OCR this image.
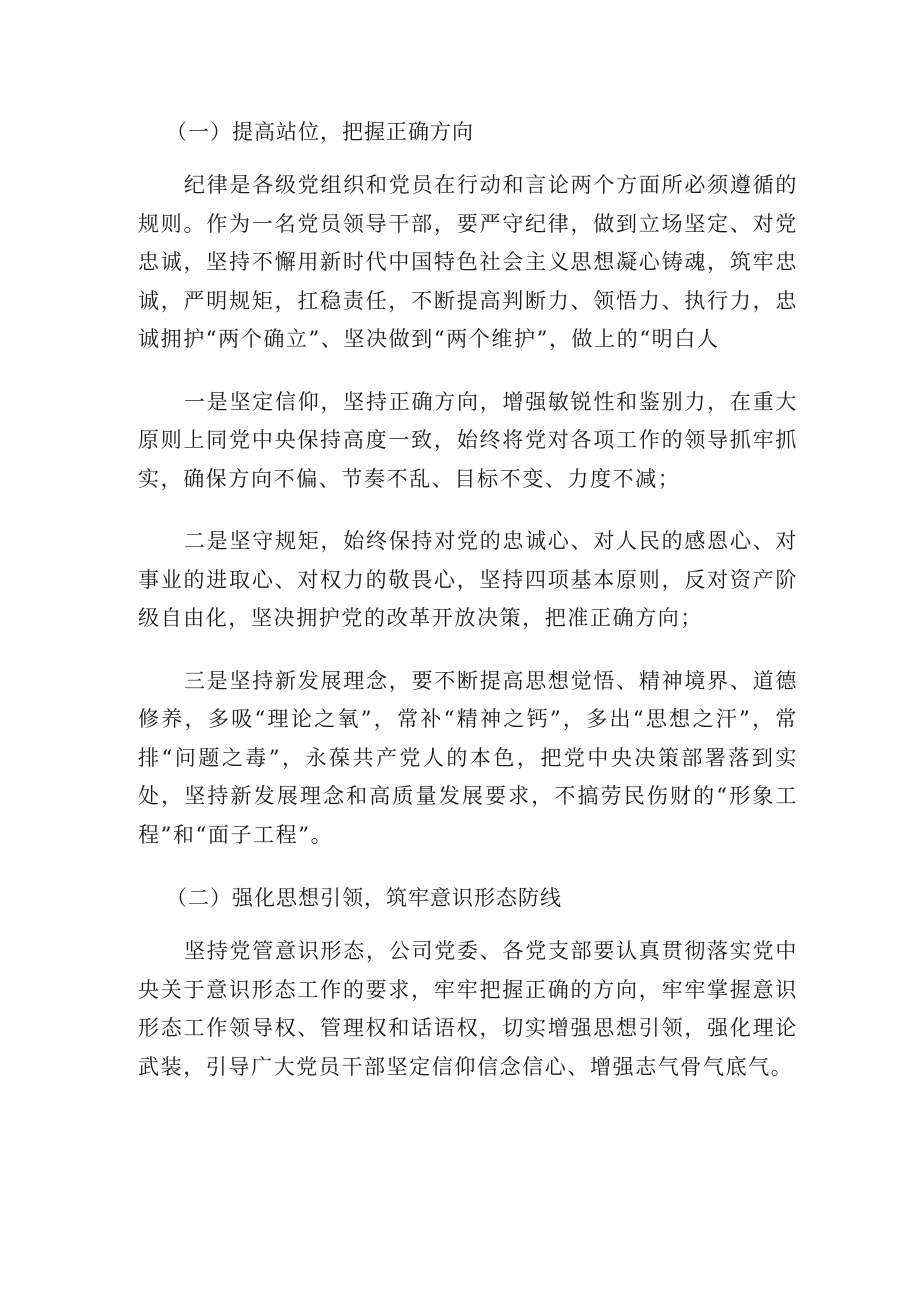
（一）提高站位，把握正确方向

纪律是各级党组织和党员在行动和言论两个方面所必须遵循的规则。作为一名党员领导干部，要严守纪律，做到立场坚定、对党忠诚，坚持不懈用新时代中国特色社会主义思想凝心铸魂，筑牢忠诚，严明规矩，扛稳责任，不断提高判断力、领悟力、执行力，忠诚拥护“两个确立”、坚决做到“两个维护”，做上的“明白人

一是坚定信仰，坚持正确方向，增强敏锐性和鉴别力，在重大原则上同党中央保持高度一致，始终将党对各项工作的领导抓牢抓实，确保方向不偏、节奏不乱、目标不变、力度不减；

二是坚守规矩，始终保持对党的忠诚心、对人民的感恩心、对事业的进取心、对权力的敬畏心，坚持四项基本原则，反对资产阶级自由化，坚决拥护党的改革开放决策，把准正确方向；

三是坚持新发展理念，要不断提高思想觉悟、精神境界、道德修养，多吸“理论之氧”，常补“精神之钙”，多出“思想之汗”，常排“问题之毒”，永葆共产党人的本色，把党中央决策部署落到实处，坚持新发展理念和高质量发展要求，不搞劳民伤财的“形象工程”和“面子工程”。

（二）强化思想引领，筑牢意识形态防线

坚持党管意识形态，公司党委、各党支部要认真贯彻落实党中央关于意识形态工作的要求，牢牢把握正确的方向，牢牢掌握意识形态工作领导权、管理权和话语权，切实增强思想引领，强化理论武装，引导广大党员干部坚定信仰信念信心、增强志气骨气底气。
